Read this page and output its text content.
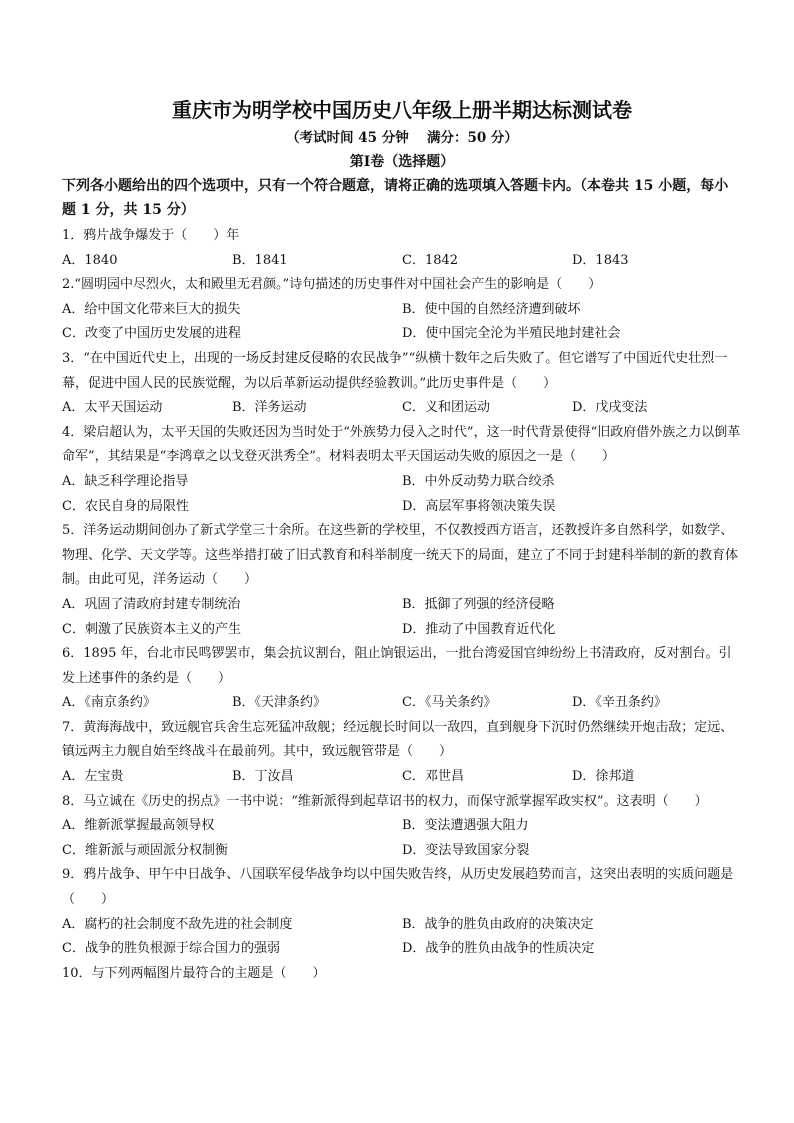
重庆市为明学校中国历史八年级上册半期达标测试卷
（考试时间 45 分钟　 满分：50 分）
第Ⅰ卷（选择题）
下列各小题给出的四个选项中，只有一个符合题意，请将正确的选项填入答题卡内。（本卷共 15 小题，每小题 1 分，共 15 分）
1．鸦片战争爆发于（　　）年
A．1840	B．1841	C．1842	D．1843
2.“圆明园中尽烈火，太和殿里无君颜。”诗句描述的历史事件对中国社会产生的影响是（　　）
A．给中国文化带来巨大的损失	B．使中国的自然经济遭到破坏
C．改变了中国历史发展的进程	D．使中国完全沦为半殖民地封建社会
3．“在中国近代史上，出现的一场反封建反侵略的农民战争”“纵横十数年之后失败了。但它谱写了中国近代史壮烈一幕，促进中国人民的民族觉醒，为以后革新运动提供经验教训。”此历史事件是（　　）
A．太平天国运动	B．洋务运动	C．义和团运动	D．戊戌变法
4．梁启超认为，太平天国的失败还因为当时处于“外族势力侵入之时代”，这一时代背景使得“旧政府借外族之力以倒革命军”，其结果是“李鸿章之以戈登灭洪秀全”。材料表明太平天国运动失败的原因之一是（　　）
A．缺乏科学理论指导	B．中外反动势力联合绞杀
C．农民自身的局限性	D．高层军事将领决策失误
5．洋务运动期间创办了新式学堂三十余所。在这些新的学校里，不仅教授西方语言，还教授许多自然科学，如数学、物理、化学、天文学等。这些举措打破了旧式教育和科举制度一统天下的局面，建立了不同于封建科举制的新的教育体制。由此可见，洋务运动（　　）
A．巩固了清政府封建专制统治	B．抵御了列强的经济侵略
C．刺激了民族资本主义的产生	D．推动了中国教育近代化
6．1895 年，台北市民鸣锣罢市，集会抗议割台，阻止饷银运出，一批台湾爱国官绅纷纷上书清政府，反对割台。引发上述事件的条约是（　　）
A．《南京条约》	B．《天津条约》	C．《马关条约》	D．《辛丑条约》
7．黄海海战中，致远舰官兵舍生忘死猛冲敌舰；经远舰长时间以一敌四，直到舰身下沉时仍然继续开炮击敌；定远、镇远两主力舰自始至终战斗在最前列。其中，致远舰管带是（　　）
A．左宝贵	B．丁汝昌	C．邓世昌	D．徐邦道
8．马立诚在《历史的拐点》一书中说：“维新派得到起草诏书的权力，而保守派掌握军政实权”。这表明（　　）
A．维新派掌握最高领导权	B．变法遭遇强大阻力
C．维新派与顽固派分权制衡	D．变法导致国家分裂
9．鸦片战争、甲午中日战争、八国联军侵华战争均以中国失败告终，从历史发展趋势而言，这突出表明的实质问题是（　　）
A．腐朽的社会制度不敌先进的社会制度	B．战争的胜负由政府的决策决定
C．战争的胜负根源于综合国力的强弱	D．战争的胜负由战争的性质决定
10．与下列两幅图片最符合的主题是（　　）
